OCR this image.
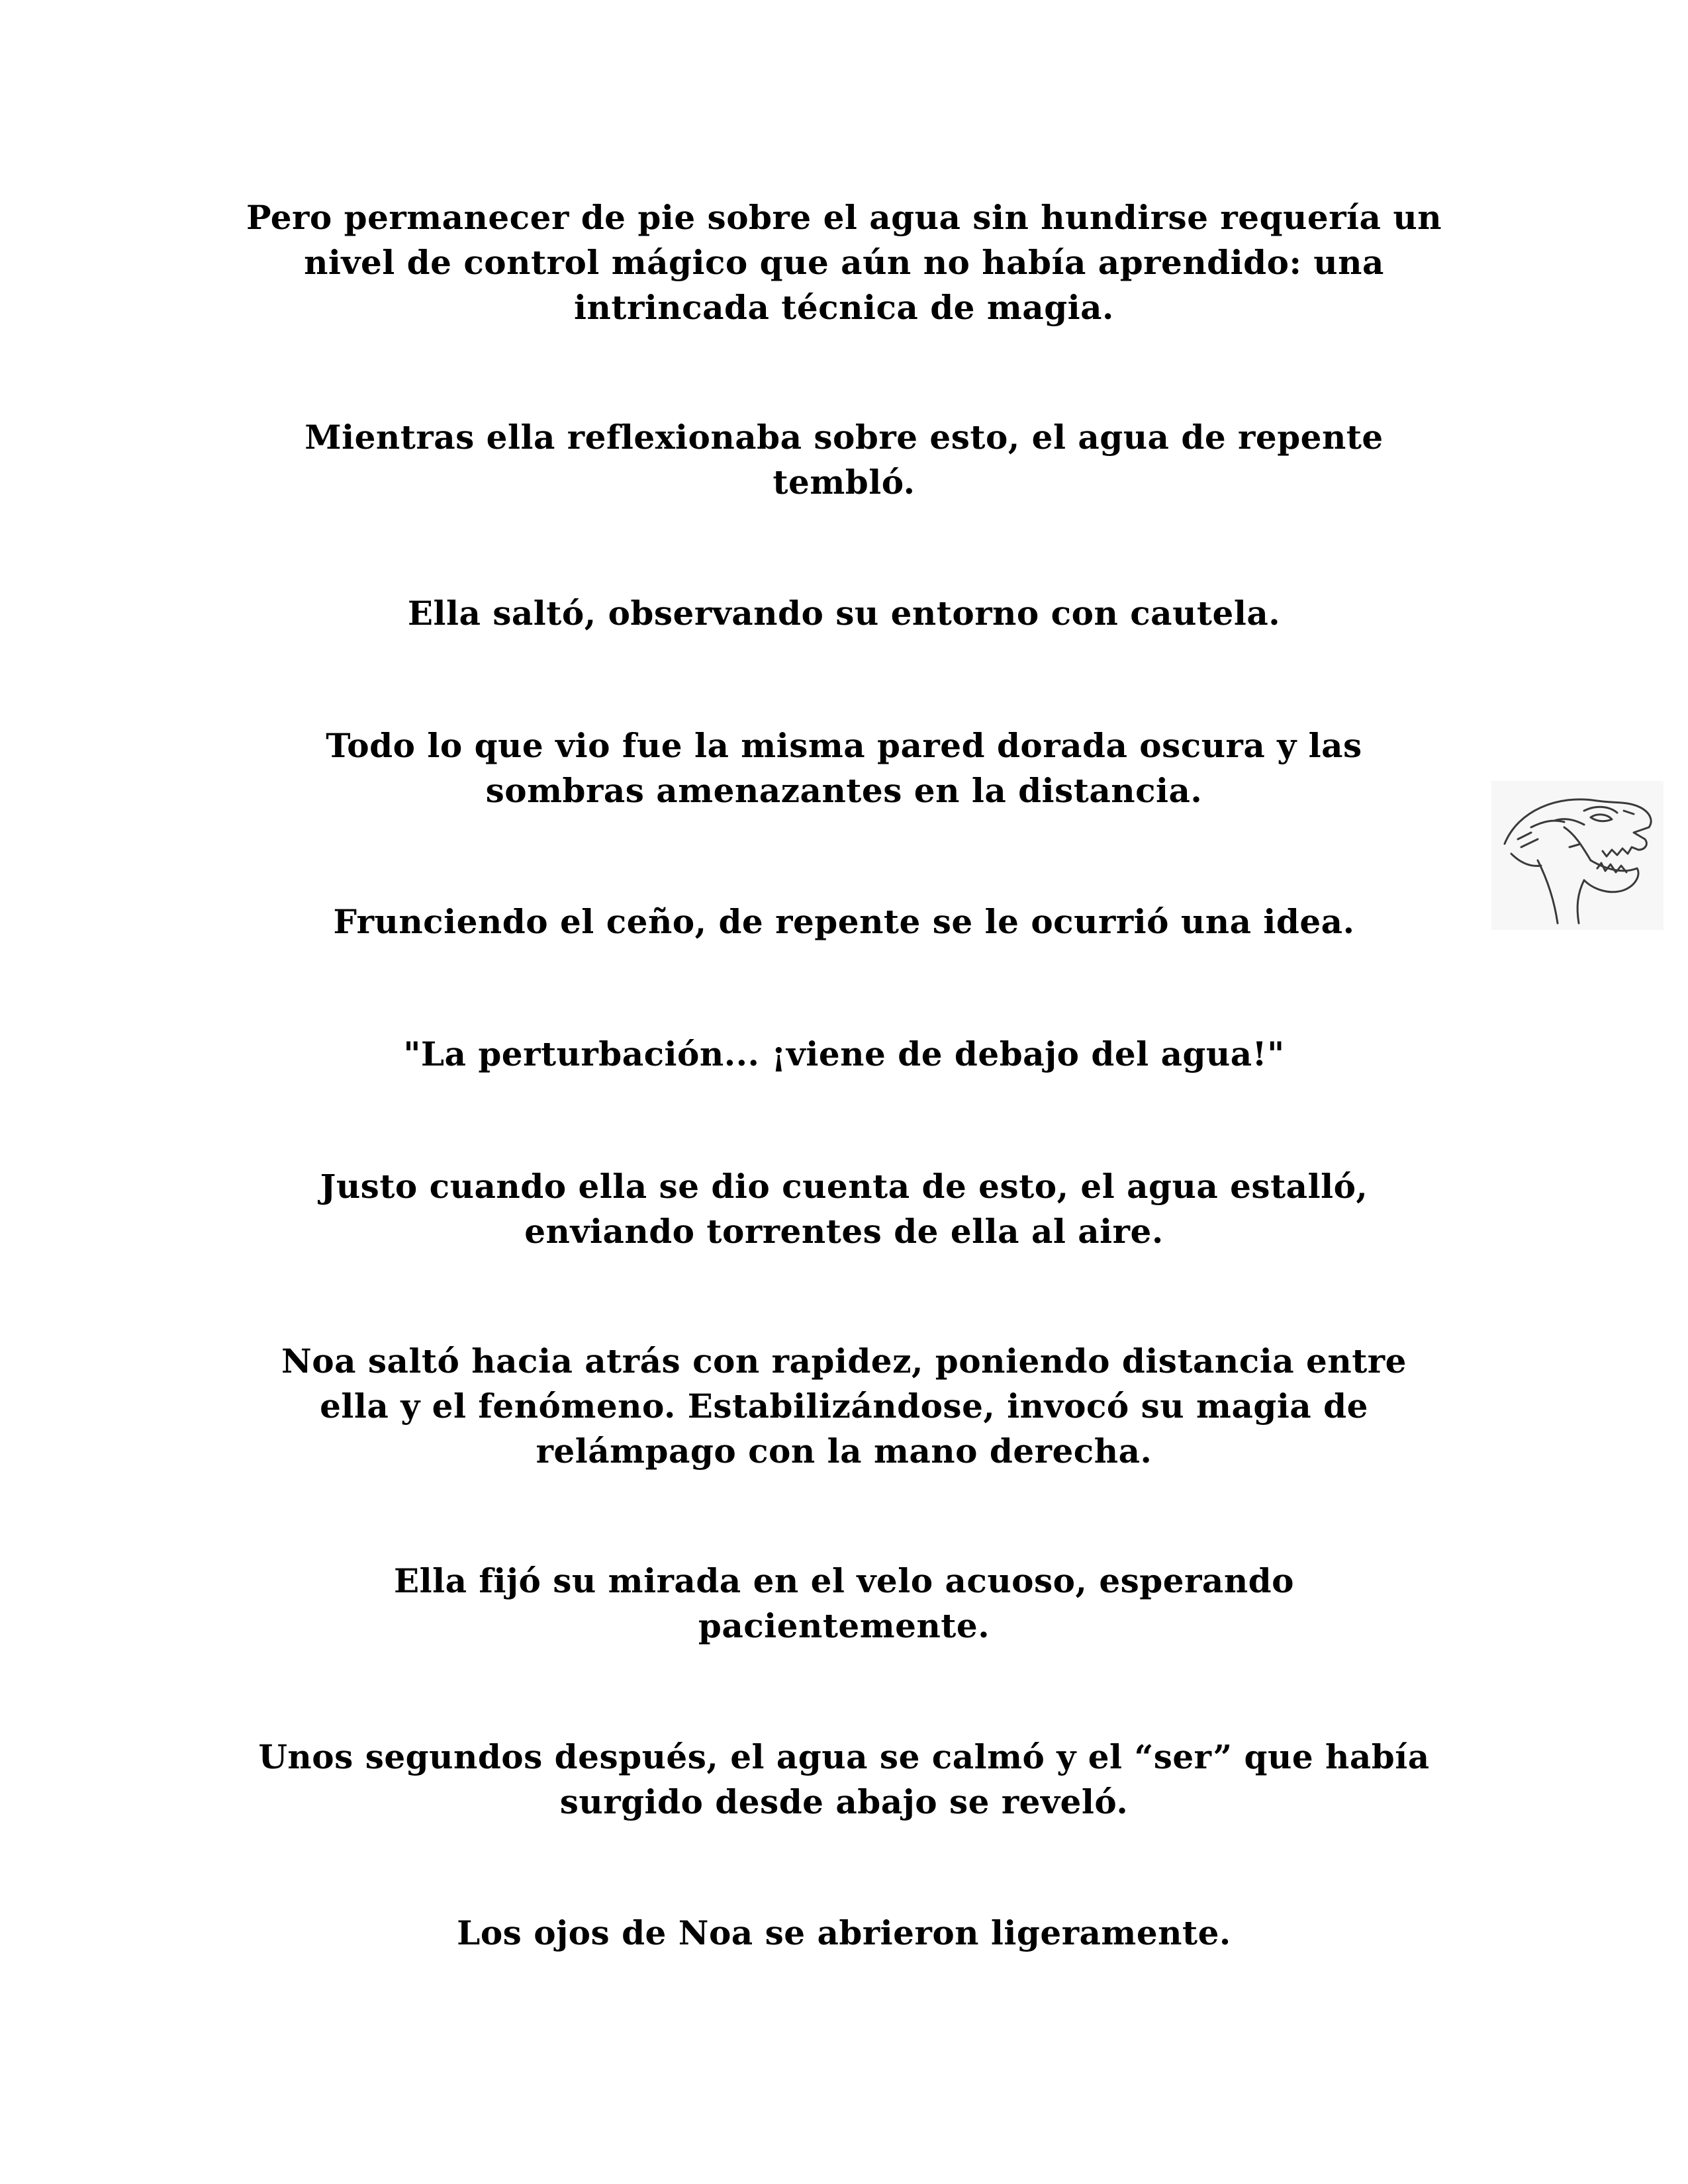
Pero permanecer de pie sobre el agua sin hundirse requería un
nivel de control mágico que aún no había aprendido: una
intrincada técnica de magia.

Mientras ella reflexionaba sobre esto, el agua de repente
tembló.

Ella saltó, observando su entorno con cautela.

Todo lo que vio fue la misma pared dorada oscura y las
sombras amenazantes en la distancia.

Frunciendo el ceño, de repente se le ocurrió una idea.

"La perturbación... ¡viene de debajo del agua!"

Justo cuando ella se dio cuenta de esto, el agua estalló,
enviando torrentes de ella al aire.

Noa saltó hacia atrás con rapidez, poniendo distancia entre
ella y el fenómeno. Estabilizándose, invocó su magia de
relámpago con la mano derecha.

Ella fijó su mirada en el velo acuoso, esperando
pacientemente.

Unos segundos después, el agua se calmó y el “ser” que había
surgido desde abajo se reveló.

Los ojos de Noa se abrieron ligeramente.
